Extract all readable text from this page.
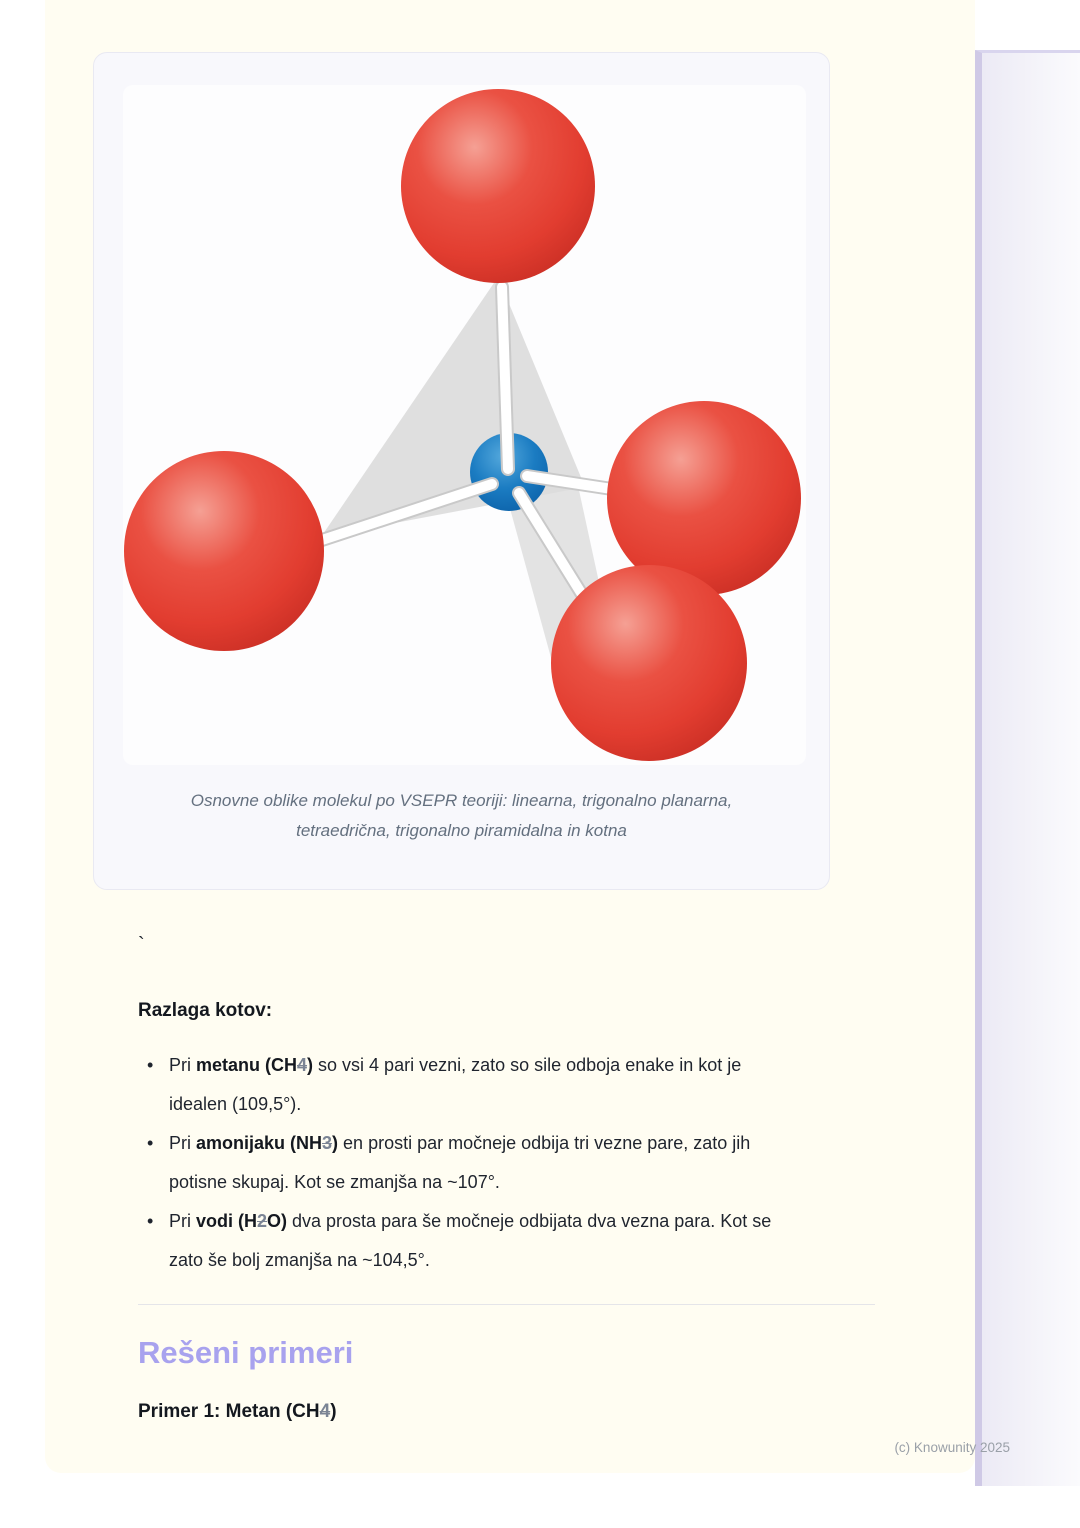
Osnovne oblike molekul po VSEPR teoriji: linearna, trigonalno planarna,
tetraedrična, trigonalno piramidalna in kotna
`
Razlaga kotov:
• Pri metanu (CH4) so vsi 4 pari vezni, zato so sile odboja enake in kot je
idealen (109,5°).
• Pri amonijaku (NH3) en prosti par močneje odbija tri vezne pare, zato jih
potisne skupaj. Kot se zmanjša na ~107°.
• Pri vodi (H2O) dva prosta para še močneje odbijata dva vezna para. Kot se
zato še bolj zmanjša na ~104,5°.
Rešeni primeri
Primer 1: Metan (CH4)
(c) Knowunity 2025
